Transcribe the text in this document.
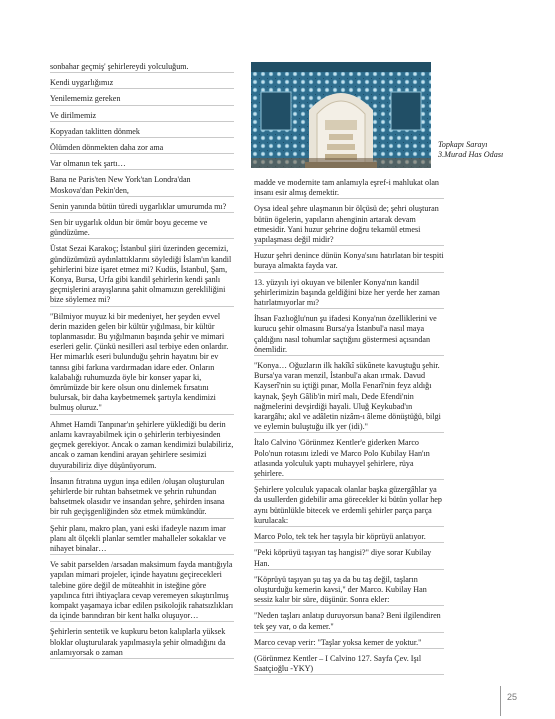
sonbahar geçmiş' şehirlereydi yolculuğum.

Kendi uygarlığımız

Yenilememiz gereken

Ve dirilmemiz

Kopyadan taklitten dönmek

Ölümden dönmekten daha zor ama

Var olmanın tek şartı…

Bana ne Paris'ten New York'tan Londra'dan Moskova'dan Pekin'den,

Senin yanında bütün türedi uygarlıklar umurumda mı?

Sen bir uygarlık oldun bir ömür boyu geceme ve gündüzüme.

Üstat Sezai Karakoç; İstanbul şiiri üzerinden gecemizi, gündüzümüzü aydınlattıklarını söylediği İslam'ın kandil şehirlerini bize işaret etmez mi? Kudüs, İstanbul, Şam, Konya, Bursa, Urfa gibi kandil şehirlerin kendi şanlı geçmişlerini arayışlarına şahit olmamızın gerekliliğini bize söylemez mi?

"Bilmiyor muyuz ki bir medeniyet, her şeyden evvel derin maziden gelen bir kültür yığılması, bir kültür toplanmasıdır. Bu yığılmanın başında şehir ve mimari eserleri gelir. Çünkü nesilleri asıl terbiye eden onlardır. Her mimarlık eseri bulunduğu şehrin hayatını bir ev tannsı gibi farkına vardırmadan idare eder. Onların kalabalığı ruhumuzda öyle bir konser yapar ki, ömrümüzde bir kere olsun onu dinlemek fırsatını bulursak, bir daha kaybetmemek şartıyla kendimizi bulmuş oluruz."

Ahmet Hamdi Tanpınar'ın şehirlere yüklediği bu derin anlamı kavrayabilmek için o şehirlerin terbiyesinden geçmek gerekiyor. Ancak o zaman kendimizi bulabiliriz, ancak o zaman kendini arayan şehirlere sesimizi duyurabiliriz diye düşünüyorum.

İnsanın fıtratına uygun inşa edilen /oluşan oluşturulan şehirlerde bir ruhtan bahsetmek ve şehrin ruhundan bahsetmek olasıdır ve insandan şehre, şehirden insana bir ruh geçişgenliğinden söz etmek mümkündür.

Şehir planı, makro plan, yani eski ifadeyle nazım imar planı alt ölçekli planlar semtler mahalleler sokaklar ve nihayet binalar…

Ve sabit parselden /arsadan maksimum fayda mantığıyla yapılan mimari projeler, içinde hayatını geçirecekleri talebine göre değil de müteahhit in isteğine göre yapılınca fıtri ihtiyaçlara cevap veremeyen sıkıştırılmış kompakt yaşamaya icbar edilen psikolojik rahatsızlıkları da içinde barındıran bir kent halkı oluşuyor…

Şehirlerin sentetik ve kupkuru beton kalıplarla yüksek bloklar oluşturularak yapılmasıyla şehir olmadığını da anlamıyorsak o zaman

Topkapı Sarayı
3.Murad Has Odası

madde ve modernite tam anlamıyla eşref-i mahlukat olan insanı esir almış demektir.

Oysa ideal şehre ulaşmanın bir ölçüsü de; şehri oluşturan bütün ögelerin, yapıların ahenginin artarak devam etmesidir. Yani huzur şehrine doğru tekamül etmesi yapılaşması değil midir?

Huzur şehri denince dünün Konya'sını hatırlatan bir tespiti buraya almakta fayda var.

13. yüzyılı iyi okuyan ve bilenler Konya'nın kandil şehirlerimizin başında geldiğini bize her yerde her zaman hatırlatmıyorlar mı?

İhsan Fazlıoğlu'nun şu ifadesi Konya'nın özelliklerini ve kurucu şehir olmasını Bursa'ya İstanbul'a nasıl maya çaldığını nasıl tohumlar saçtığını göstermesi açısından önemlidir.

"Konya… Oğuzların ilk hakîkî sükûnete kavuştuğu şehir. Bursa'ya varan menzil, İstanbul'a akan ırmak. Davud Kayserî'nin su içtiği pınar, Molla Fenarî'nin feyz aldığı kaynak, Şeyh Gâlib'in mirî malı, Dede Efendi'nin nağmelerini devşirdiği hayali. Uluğ Keykubad'ın karargâhı; akıl ve adâletin nizâm-ı âleme dönüştüğü, bilgi ve eylemin buluştuğu ilk yer (idi)."

İtalo Calvino 'Görünmez Kentler'e giderken Marco Polo'nun rotasını izledi ve Marco Polo Kubilay Han'ın atlasında yolculuk yaptı muhayyel şehirlere, rüya şehirlere.

Şehirlere yolculuk yapacak olanlar başka güzergâhlar ya da usullerden gidebilir ama görecekler ki bütün yollar hep aynı bütünlükle bitecek ve erdemli şehirler parça parça kurulacak:

Marco Polo, tek tek her taşıyla bir köprüyü anlatıyor.

"Peki köprüyü taşıyan taş hangisi?" diye sorar Kubilay Han.

"Köprüyü taşıyan şu taş ya da bu taş değil, taşların oluşturduğu kemerin kavsi," der Marco. Kubilay Han sessiz kalır bir süre, düşünür. Sonra ekler:

"Neden taşları anlatıp duruyorsun bana? Beni ilgilendiren tek şey var, o da kemer."

Marco cevap verir: "Taşlar yoksa kemer de yoktur."

(Görünmez Kentler – I Calvino 127. Sayfa Çev. Işıl Saatçioğlu -YKY)

25
